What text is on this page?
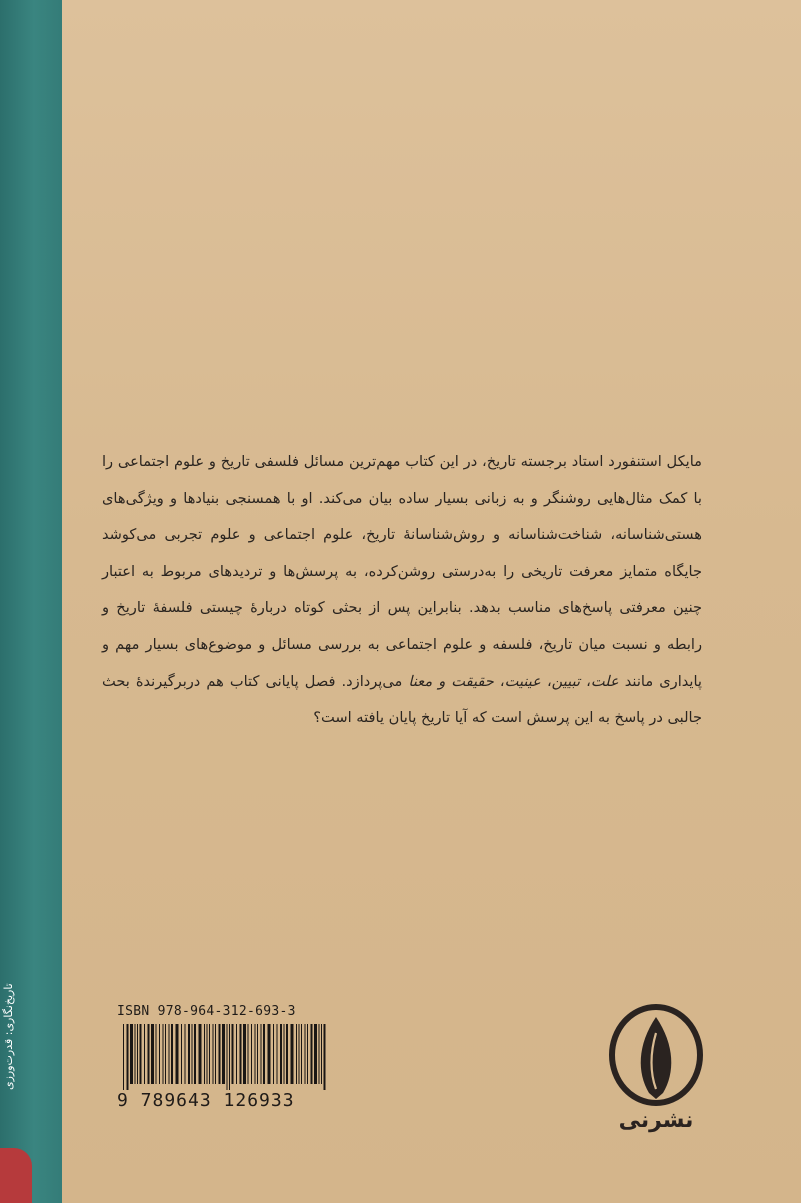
تاریخ‌نگاری: قدرت‌ورزی

مایکل استنفورد استاد برجسته تاریخ، در این کتاب مهم‌ترین مسائل فلسفی تاریخ و علوم اجتماعی را با کمک مثال‌هایی روشنگر و به زبانی بسیار ساده بیان می‌کند. او با همسنجی بنیادها و ویژگی‌های هستی‌شناسانه، شناخت‌شناسانه و روش‌شناسانهٔ تاریخ، علوم اجتماعی و علوم تجربی می‌کوشد جایگاه متمایز معرفت تاریخی را به‌درستی روشن‌کرده، به پرسش‌ها و تردیدهای مربوط به اعتبار چنین معرفتی پاسخ‌های مناسب بدهد. بنابراین پس از بحثی کوتاه دربارهٔ چیستی فلسفهٔ تاریخ و رابطه و نسبت میان تاریخ، فلسفه و علوم اجتماعی به بررسی مسائل و موضوع‌های بسیار مهم و پایداری مانند علت، تبیین، عینیت، حقیقت و معنا می‌پردازد. فصل پایانی کتاب هم دربرگیرندهٔ بحث جالبی در پاسخ به این پرسش است که آیا تاریخ پایان یافته است؟

ISBN 978-964-312-693-3
9 789643 126933
نشرنی
